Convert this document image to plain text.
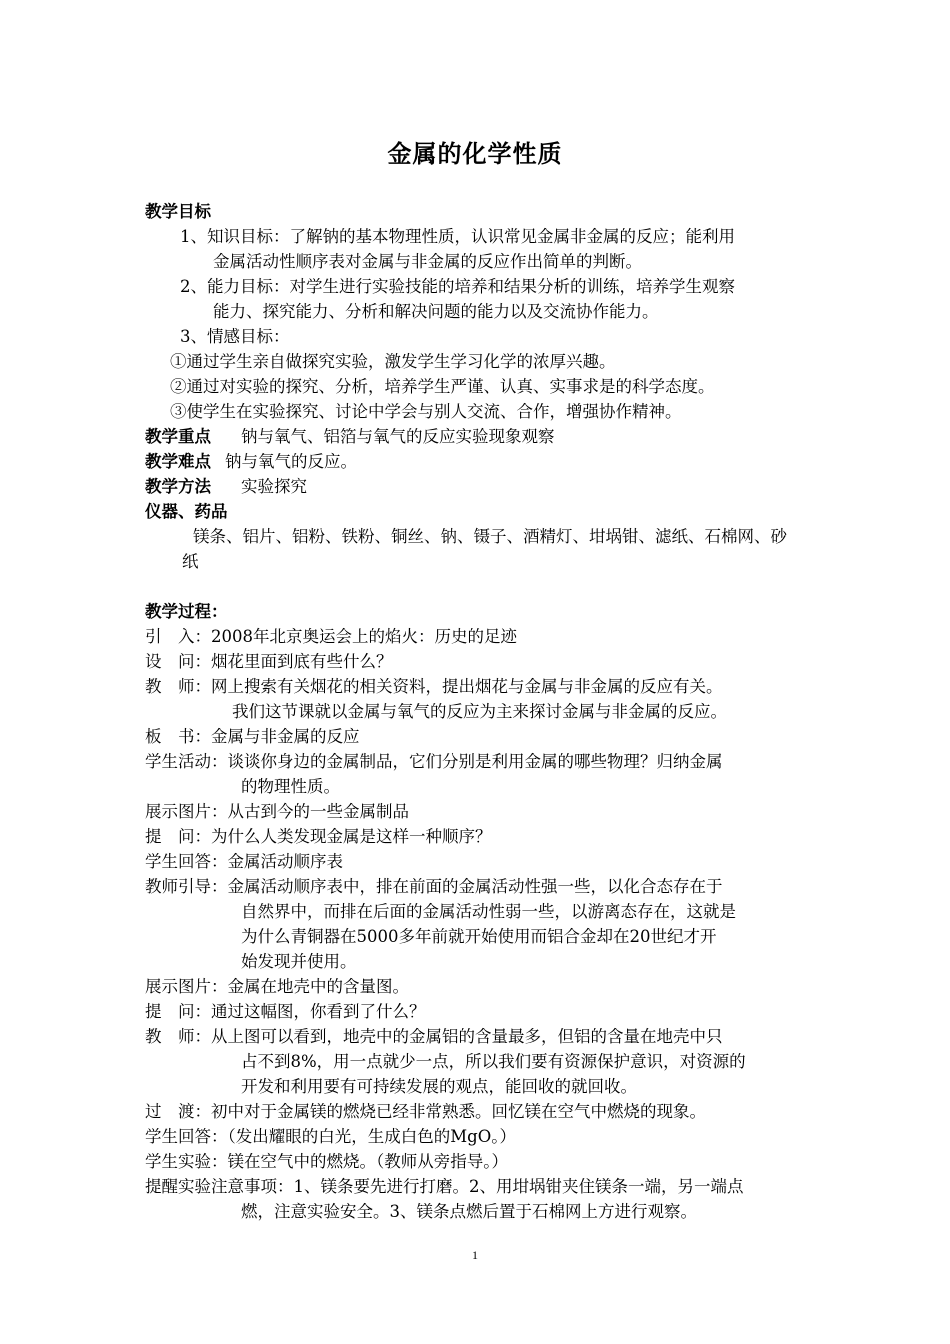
金属的化学性质
教学目标
1、知识目标：了解钠的基本物理性质，认识常见金属非金属的反应；能利用
金属活动性顺序表对金属与非金属的反应作出简单的判断。
2、能力目标：对学生进行实验技能的培养和结果分析的训练，培养学生观察
能力、探究能力、分析和解决问题的能力以及交流协作能力。
3、情感目标：
①通过学生亲自做探究实验，激发学生学习化学的浓厚兴趣。
②通过对实验的探究、分析，培养学生严谨、认真、实事求是的科学态度。
③使学生在实验探究、讨论中学会与别人交流、合作，增强协作精神。
教学重点 钠与氧气、铝箔与氧气的反应实验现象观察
教学难点 钠与氧气的反应。
教学方法 实验探究
仪器、药品
镁条、铝片、铝粉、铁粉、铜丝、钠、镊子、酒精灯、坩埚钳、滤纸、石棉网、砂
纸
教学过程：
引　入：2008年北京奥运会上的焰火：历史的足迹
设　问：烟花里面到底有些什么？
教　师：网上搜索有关烟花的相关资料，提出烟花与金属与非金属的反应有关。
我们这节课就以金属与氧气的反应为主来探讨金属与非金属的反应。
板　书：金属与非金属的反应
学生活动：谈谈你身边的金属制品，它们分别是利用金属的哪些物理？归纳金属
的物理性质。
展示图片：从古到今的一些金属制品
提　问：为什么人类发现金属是这样一种顺序？
学生回答：金属活动顺序表
教师引导：金属活动顺序表中，排在前面的金属活动性强一些，以化合态存在于
自然界中，而排在后面的金属活动性弱一些，以游离态存在，这就是
为什么青铜器在5000多年前就开始使用而铝合金却在20世纪才开
始发现并使用。
展示图片：金属在地壳中的含量图。
提　问：通过这幅图，你看到了什么？
教　师：从上图可以看到，地壳中的金属铝的含量最多，但铝的含量在地壳中只
占不到8%，用一点就少一点，所以我们要有资源保护意识，对资源的
开发和利用要有可持续发展的观点，能回收的就回收。
过　渡：初中对于金属镁的燃烧已经非常熟悉。回忆镁在空气中燃烧的现象。
学生回答：（发出耀眼的白光，生成白色的MgO。）
学生实验：镁在空气中的燃烧。（教师从旁指导。）
提醒实验注意事项：1、镁条要先进行打磨。2、用坩埚钳夹住镁条一端，另一端点
燃，注意实验安全。3、镁条点燃后置于石棉网上方进行观察。
1
